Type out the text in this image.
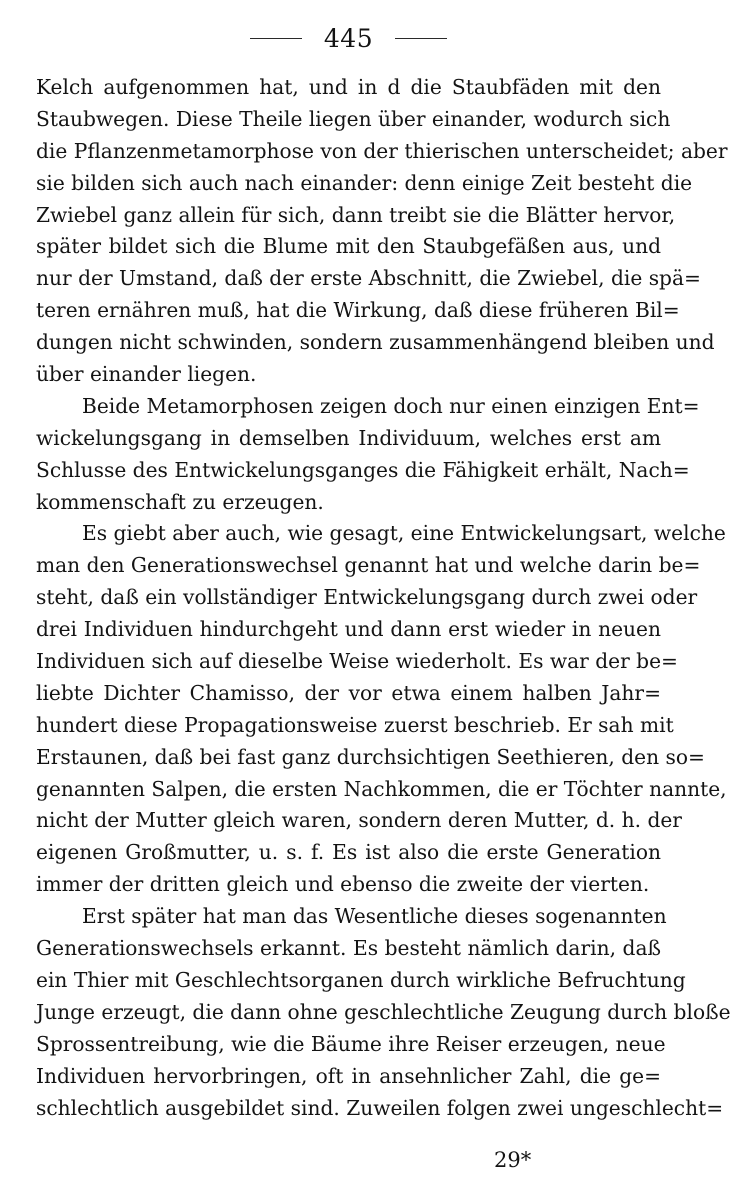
445
Kelch aufgenommen hat, und in d die Staubfäden mit den
Staubwegen. Diese Theile liegen über einander, wodurch sich
die Pflanzenmetamorphose von der thierischen unterscheidet; aber
sie bilden sich auch nach einander: denn einige Zeit besteht die
Zwiebel ganz allein für sich, dann treibt sie die Blätter hervor,
später bildet sich die Blume mit den Staubgefäßen aus, und
nur der Umstand, daß der erste Abschnitt, die Zwiebel, die spä=
teren ernähren muß, hat die Wirkung, daß diese früheren Bil=
dungen nicht schwinden, sondern zusammenhängend bleiben und
über einander liegen.
Beide Metamorphosen zeigen doch nur einen einzigen Ent=
wickelungsgang in demselben Individuum, welches erst am
Schlusse des Entwickelungsganges die Fähigkeit erhält, Nach=
kommenschaft zu erzeugen.
Es giebt aber auch, wie gesagt, eine Entwickelungsart, welche
man den Generationswechsel genannt hat und welche darin be=
steht, daß ein vollständiger Entwickelungsgang durch zwei oder
drei Individuen hindurchgeht und dann erst wieder in neuen
Individuen sich auf dieselbe Weise wiederholt. Es war der be=
liebte Dichter Chamisso, der vor etwa einem halben Jahr=
hundert diese Propagationsweise zuerst beschrieb. Er sah mit
Erstaunen, daß bei fast ganz durchsichtigen Seethieren, den so=
genannten Salpen, die ersten Nachkommen, die er Töchter nannte,
nicht der Mutter gleich waren, sondern deren Mutter, d. h. der
eigenen Großmutter, u. s. f. Es ist also die erste Generation
immer der dritten gleich und ebenso die zweite der vierten.
Erst später hat man das Wesentliche dieses sogenannten
Generationswechsels erkannt. Es besteht nämlich darin, daß
ein Thier mit Geschlechtsorganen durch wirkliche Befruchtung
Junge erzeugt, die dann ohne geschlechtliche Zeugung durch bloße
Sprossentreibung, wie die Bäume ihre Reiser erzeugen, neue
Individuen hervorbringen, oft in ansehnlicher Zahl, die ge=
schlechtlich ausgebildet sind. Zuweilen folgen zwei ungeschlecht=
29*
